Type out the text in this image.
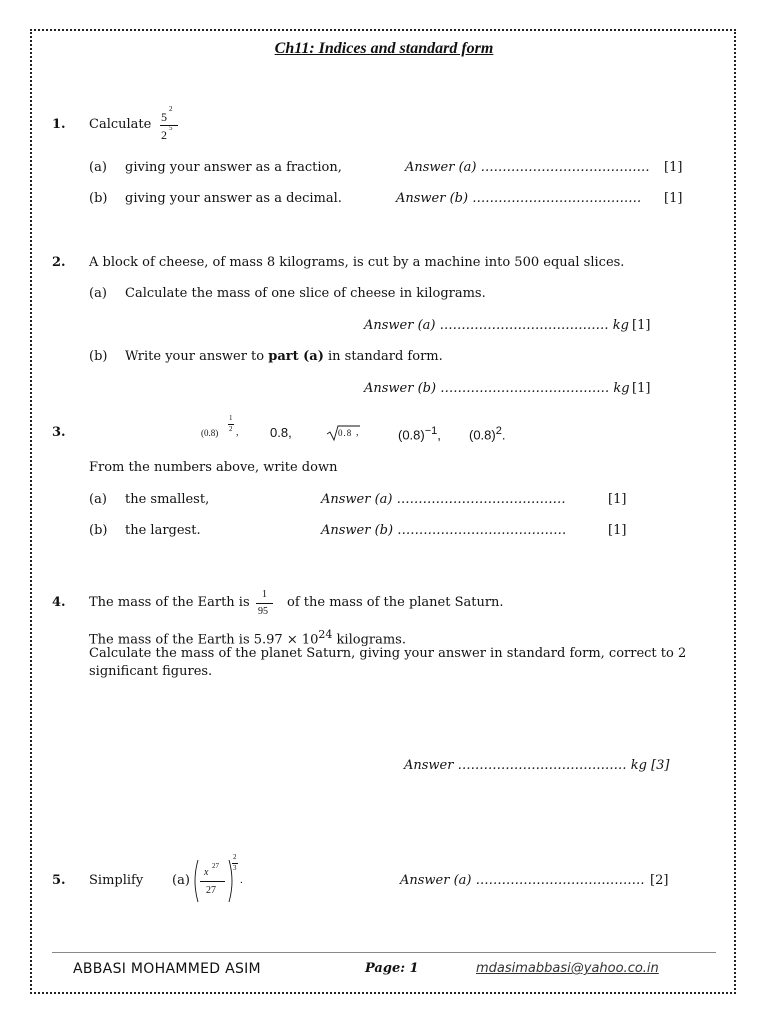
Ch11: Indices and standard form
1. Calculate 5
2
2 5
(a) giving your answer as a fraction,	Answer (a) ………………………………… [1]
(b) giving your answer as a decimal.	Answer (b) ………………………………… [1]
2. A block of cheese, of mass 8 kilograms, is cut by a machine into 500 equal slices.
(a) Calculate the mass of one slice of cheese in kilograms.
Answer (a) ………………………………… kg [1]
(b) Write your answer to part (a) in standard form.
Answer (b) ………………………………… kg [1]
3.	(0.8)
1
2 , 0.8,	0.8 ,	$(0.8)^{-1}$, $(0.8)^2$.
From the numbers above, write down
(a) the smallest,	Answer (a) …………………………………	[1]
(b) the largest.	Answer (b) …………………………………	[1]
4. The mass of the Earth is
1
95
of the mass of the planet Saturn.
The mass of the Earth is $5.97 \times 10^{24}$ kilograms.
Calculate the mass of the planet Saturn, giving your answer in standard form, correct to 2
significant figures.
Answer ………………………………… kg [3]
5. Simplify (a)
x
27
27
2
3
.	Answer (a) ………………………………… [2]
ABBASI MOHAMMED ASIM	Page: 1	mdasimabbasi@yahoo.co.in
